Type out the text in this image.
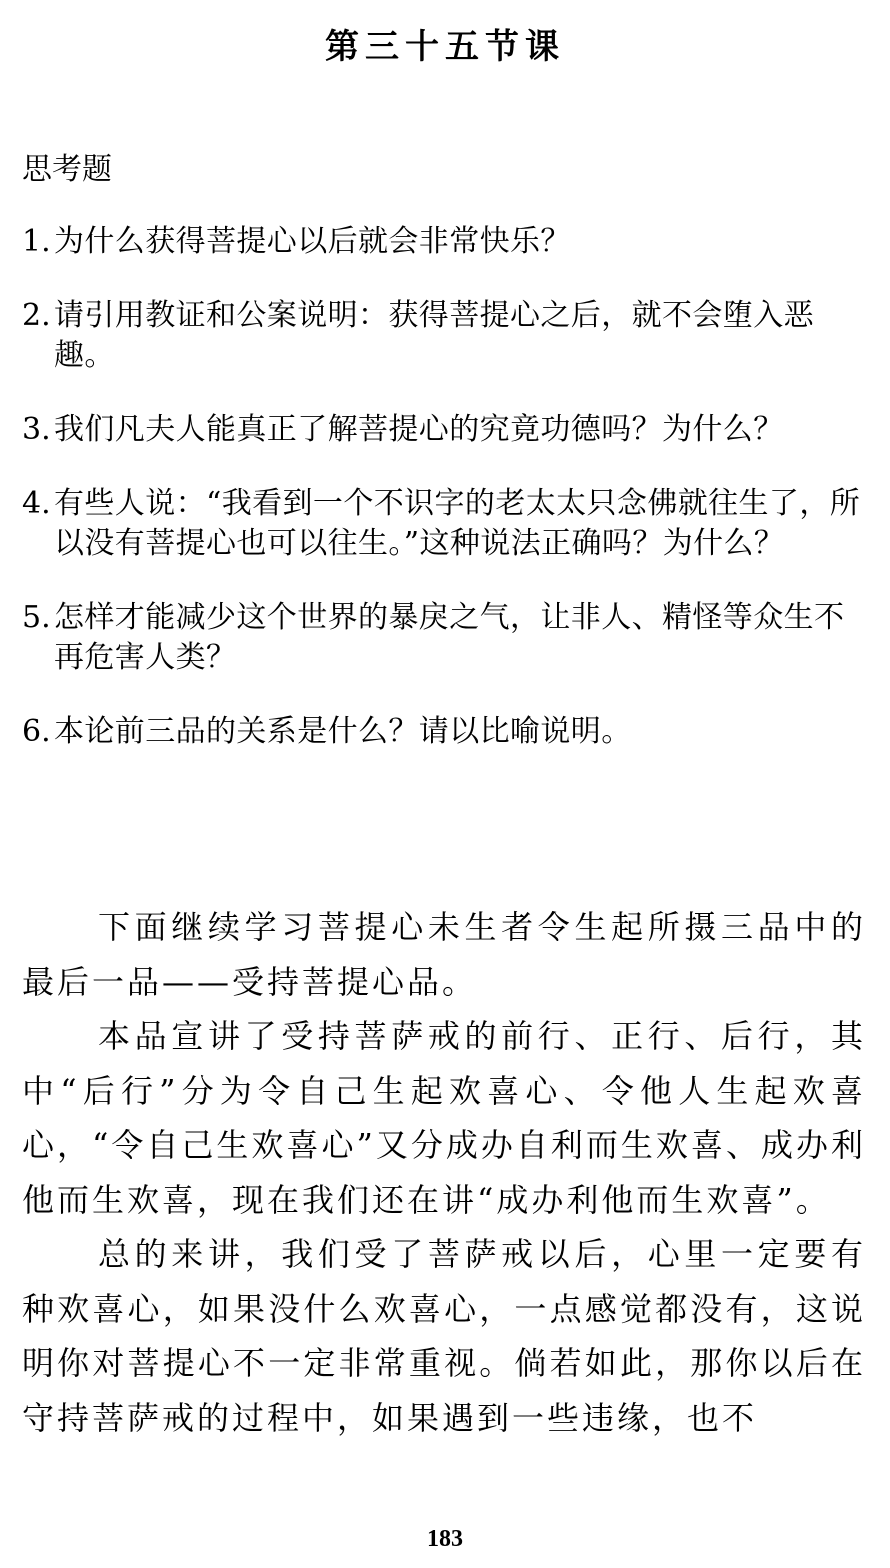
第三十五节课
思考题
1. 为什么获得菩提心以后就会非常快乐？
2. 请引用教证和公案说明：获得菩提心之后，就不会堕入恶趣。
3. 我们凡夫人能真正了解菩提心的究竟功德吗？为什么？
4. 有些人说：“我看到一个不识字的老太太只念佛就往生了，所以没有菩提心也可以往生。”这种说法正确吗？为什么？
5. 怎样才能减少这个世界的暴戾之气，让非人、精怪等众生不再危害人类？
6. 本论前三品的关系是什么？请以比喻说明。

下面继续学习菩提心未生者令生起所摄三品中的最后一品——受持菩提心品。

本品宣讲了受持菩萨戒的前行、正行、后行，其中“后行”分为令自己生起欢喜心、令他人生起欢喜心，“令自己生欢喜心”又分成办自利而生欢喜、成办利他而生欢喜，现在我们还在讲“成办利他而生欢喜”。

总的来讲，我们受了菩萨戒以后，心里一定要有种欢喜心，如果没什么欢喜心，一点感觉都没有，这说明你对菩提心不一定非常重视。倘若如此，那你以后在守持菩萨戒的过程中，如果遇到一些违缘，也不

183
